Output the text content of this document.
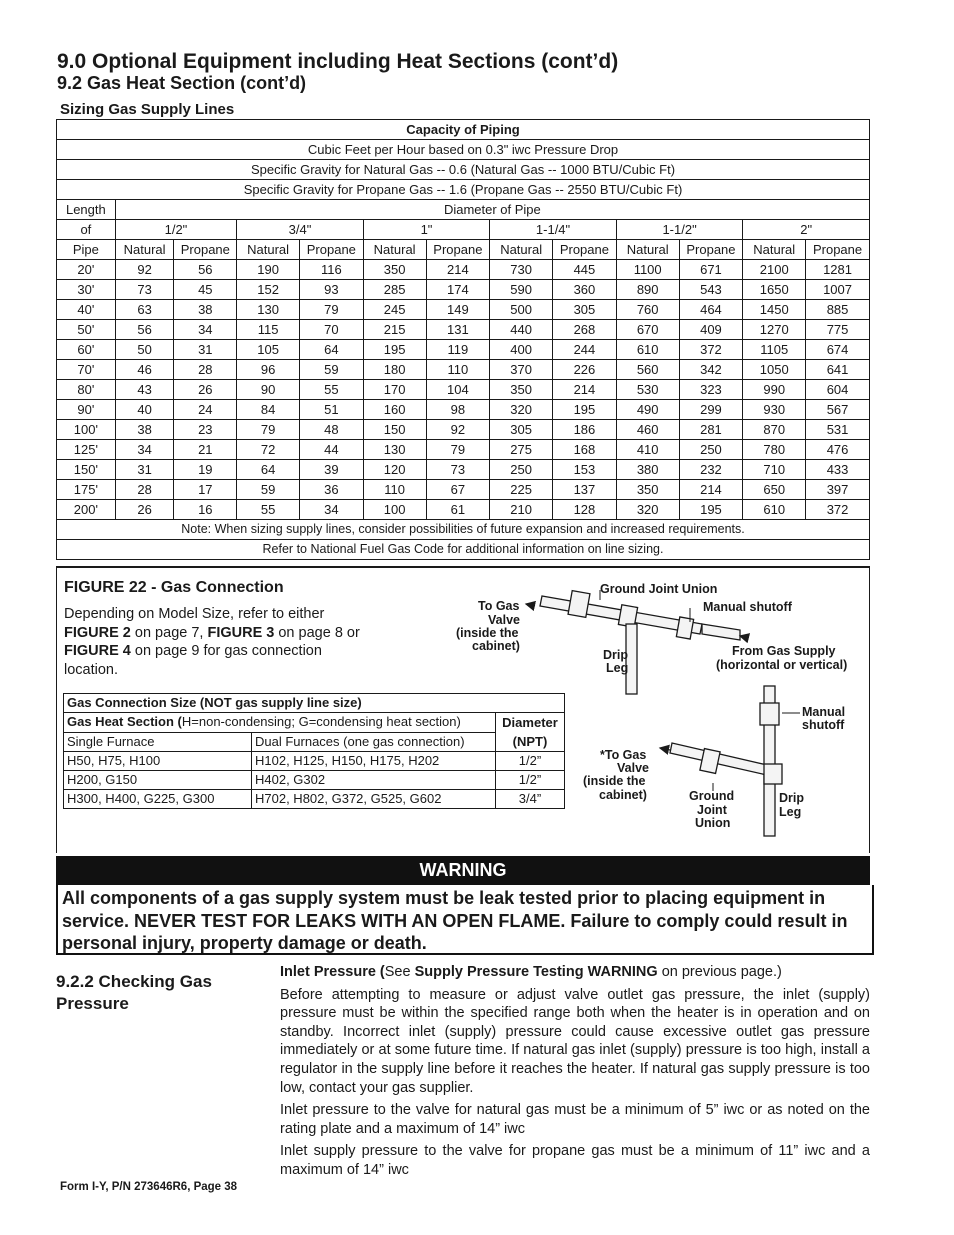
9.0 Optional Equipment including Heat Sections (cont’d)
9.2 Gas Heat Section (cont’d)
Sizing Gas Supply Lines
Capacity of Piping												
Cubic Feet per Hour based on 0.3" iwc Pressure Drop												
Specific Gravity for Natural Gas -- 0.6 (Natural Gas -- 1000 BTU/Cubic Ft)												
Specific Gravity for Propane Gas -- 1.6 (Propane Gas -- 2550 BTU/Cubic Ft)												
Length	Diameter of Pipe											
of	1/2"		3/4"		1"		1-1/4"		1-1/2"		2"	
Pipe	Natural	Propane	Natural	Propane	Natural	Propane	Natural	Propane	Natural	Propane	Natural	Propane
20'	92	56	190	116	350	214	730	445	1100	671	2100	1281
30'	73	45	152	93	285	174	590	360	890	543	1650	1007
40'	63	38	130	79	245	149	500	305	760	464	1450	885
50'	56	34	115	70	215	131	440	268	670	409	1270	775
60'	50	31	105	64	195	119	400	244	610	372	1105	674
70'	46	28	96	59	180	110	370	226	560	342	1050	641
80'	43	26	90	55	170	104	350	214	530	323	990	604
90'	40	24	84	51	160	98	320	195	490	299	930	567
100'	38	23	79	48	150	92	305	186	460	281	870	531
125'	34	21	72	44	130	79	275	168	410	250	780	476
150'	31	19	64	39	120	73	250	153	380	232	710	433
175'	28	17	59	36	110	67	225	137	350	214	650	397
200'	26	16	55	34	100	61	210	128	320	195	610	372
Note: When sizing supply lines, consider possibilities of future expansion and increased requirements.												
Refer to National Fuel Gas Code for additional information on line sizing.												
FIGURE 22 - Gas Connection
Depending on Model Size, refer to either FIGURE 2 on page 7, FIGURE 3 on page 8 or FIGURE 4 on page 9 for gas connection location.
Gas Connection Size (NOT gas supply line size)		
Gas Heat Section (H=non-condensing; G=condensing heat section)		Diameter
(NPT)

Single Furnace	Dual Furnaces (one gas connection)	
H50, H75, H100	H102, H125, H150, H175, H202	1/2”
H200, G150	H402, G302	1/2”
H300, H400, G225, G300	H702, H802, G372, G525, G602	3/4”
Ground Joint Union
Manual shutoff
To Gas
Valve
(inside the
cabinet)
Drip
Leg
From Gas Supply
(horizontal or vertical)
Manual
shutoff
*To Gas
Valve
(inside the
cabinet)	Ground
Joint
Union
Drip
Leg
WARNING
All components of a gas supply system must be leak tested prior to placing equipment in service. NEVER TEST FOR LEAKS WITH AN OPEN FLAME. Failure to comply could result in personal injury, property damage or death.
9.2.2 Checking Gas Pressure

Inlet Pressure (See Supply Pressure Testing WARNING on previous page.)

Before attempting to measure or adjust valve outlet gas pressure, the inlet (supply) pressure must be within the specified range both when the heater is in operation and on standby. Incorrect inlet (supply) pressure could cause excessive outlet gas pressure immediately or at some future time. If natural gas inlet (supply) pressure is too high, install a regulator in the supply line before it reaches the heater. If natural gas supply pressure is too low, contact your gas supplier.

Inlet pressure to the valve for natural gas must be a minimum of 5” iwc or as noted on the rating plate and a maximum of 14” iwc

Inlet supply pressure to the valve for propane gas must be a minimum of 11” iwc and a maximum of 14” iwc

Form I-Y, P/N 273646R6, Page 38
